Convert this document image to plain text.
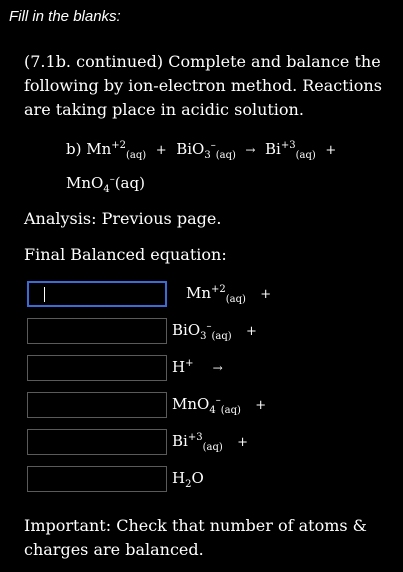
Fill in the blanks:
(7.1b. continued) Complete and balance the
following by ion-electron method. Reactions
are taking place in acidic solution.
b) $Mn^{+2}_{(aq)} + BiO_3^-_{(aq)} \to Bi^{+3}_{(aq)}$ +
MnO$_4$–(aq)
Analysis: Previous page.
Final Balanced equation:
$Mn^{+2}_{(aq)}$ +
BiO$_3$–$_{(aq)}$ +
H+ →
MnO$_4$–$_{(aq)}$ +
$Bi^{+3}_{(aq)}$ +
$H_2O$
Important: Check that number of atoms &
charges are balanced.
